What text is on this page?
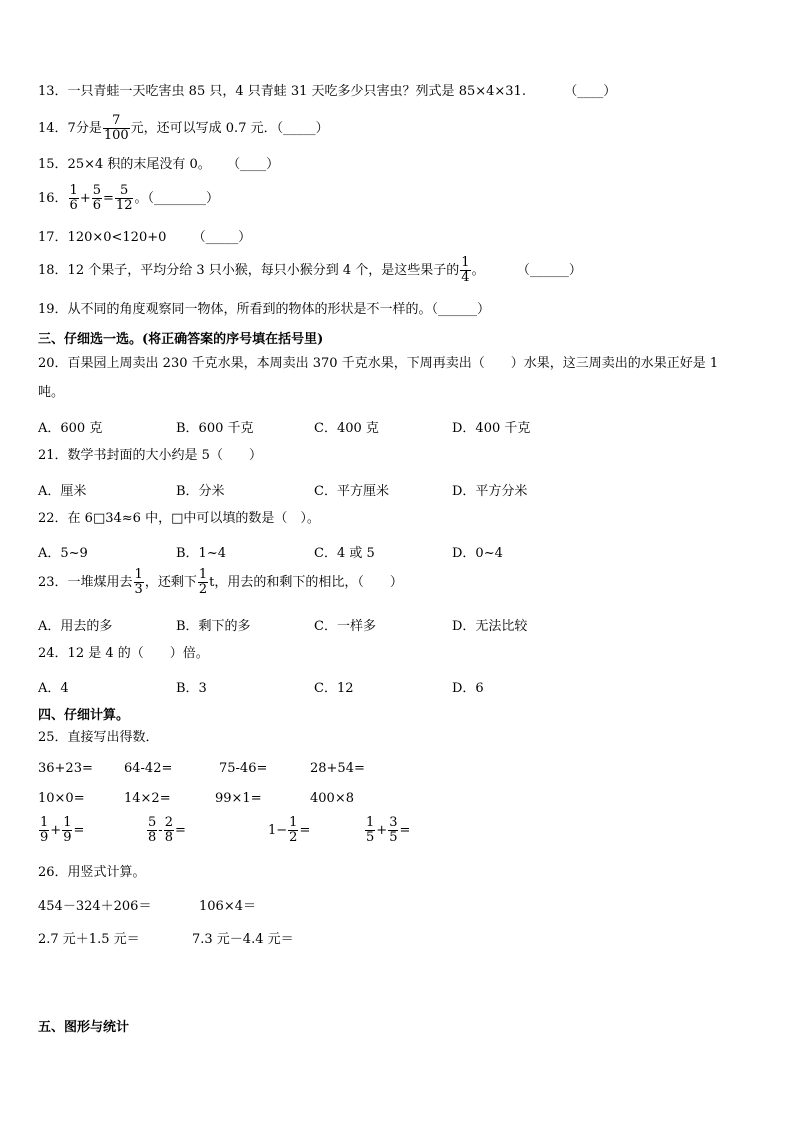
13．一只青蛙一天吃害虫 85 只，4 只青蛙 31 天吃多少只害虫？列式是 85×4×31.	（____）
14．7分是 $\frac{7}{100}$ 元，还可以写成 0.7 元．（_____）
15．25×4 积的末尾没有 0。 （____）
16． $\frac{1}{6} + \frac{5}{6} = \frac{5}{12}$ 。（________）
17．120×0<120+0 （_____）
18．12 个果子，平均分给 3 只小猴，每只小猴分到 4 个，是这些果子的 $\frac{1}{4}$ 。 （______）
19．从不同的角度观察同一物体，所看到的物体的形状是不一样的。（______）
三、仔细选一选。(将正确答案的序号填在括号里)
20．百果园上周卖出 230 千克水果，本周卖出 370 千克水果，下周再卖出（　　）水果，这三周卖出的水果正好是 1
吨。
A．600 克	B．600 千克	C．400 克	D．400 千克
21．数学书封面的大小约是 5（　　）
A．厘米	B．分米	C．平方厘米	D．平方分米
22．在 6□34≈6 中，□中可以填的数是（　）。
A．5~9	B．1~4	C．4 或 5	D．0~4
23．一堆煤用去 $\frac{1}{3}$ ，还剩下 $\frac{1}{2}$ t，用去的和剩下的相比，（　　）
A．用去的多	B．剩下的多	C．一样多	D．无法比较
24．12 是 4 的（　　）倍。
A．4	B．3	C．12	D．6
四、仔细计算。
25．直接写出得数．
36+23= 64-42=	75-46=	28+54=
10×0=	14×2=	99×1=	400×8
$\frac{1}{9} + \frac{1}{9}$ =	$\frac{5}{8} - \frac{2}{8}$ =	$1- \frac{1}{2}$ =	$\frac{1}{5} + \frac{3}{5}$ =
26．用竖式计算。
454－324＋206＝	106×4＝
2.7 元＋1.5 元＝	7.3 元－4.4 元＝
五、图形与统计
